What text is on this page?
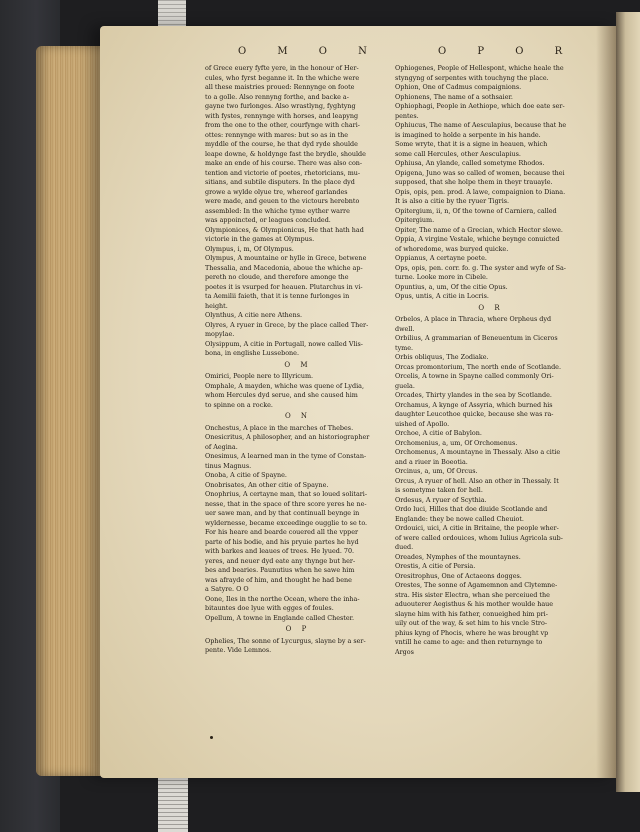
O M O N	O P O R
of Grece euery fyfte yere, in the honour of Her-
cules, who fyrst beganne it. In the whiche were
all these maistries proued: Rennynge on foote
to a golle. Also rennyng forthe, and backe a-
gayne two furlonges. Also wrastlyng, fyghtyng
with fystes, rennynge with horses, and leapyng
from the one to the other, courfynge with chari-
ottes: rennynge with mares: but so as in the
myddle of the course, he that dyd ryde shoulde
leape downe, & holdynge fast the brydle, shoulde
make an ende of his course. There was also con-
tention and victorie of poetes, rhetoricians, mu-
sitians, and subtile disputers. In the place dyd
growe a wylde olyue tre, whereof garlandes
were made, and geuen to the victours herebnto
assembled: In the whiche tyme eyther warre
was appoincted, or leagues concluded.
Olympionices, & Olympionicus, He that hath had
victorie in the games at Olympus.
Olympus, i, m, Of Olympus.
Olympus, A mountaine or hylle in Grece, betwene
Thessalia, and Macedonia, aboue the whiche ap-
pereth no cloude, and therefore amonge the
poetes it is vsurped for heauen. Plutarchus in vi-
ta Aemilii faieth, that it is tenne furlonges in
height.
Olynthus, A citie nere Athens.
Olyres, A ryuer in Grece, by the place called Ther-
mopylae.
Olysippum, A citie in Portugall, nowe called Vlis-
bona, in englishe Lussebone.
O M
Omirici, People nere to Illyricum.
Omphale, A mayden, whiche was quene of Lydia,
whom Hercules dyd serue, and she caused him
to spinne on a rocke.
O N
Onchestus, A place in the marches of Thebes.
Onesicritus, A philosopher, and an historiographer
of Aegina.
Onesimus, A learned man in the tyme of Constan-
tinus Magnus.
Onoba, A citie of Spayne.
Onobrisates, An other citie of Spayne.
Onophrius, A certayne man, that so loued solitari-
nesse, that in the space of thre score yeres he ne-
uer sawe man, and by that continuall beynge in
wyldernesse, became exceedinge ougglie to se to.
For his heare and bearde couered all the vpper
parte of his bodie, and his pryuie partes he hyd
with barkes and leaues of trees. He lyued. 70.
yeres, and neuer dyd eate any thynge but her-
bes and bearies. Paunutius when he sawe him
was afrayde of him, and thought he had bene
a Satyre. O O
Oone, Iles in the northe Ocean, where the inha-
bitauntes doe lyue with egges of foules.
Opellum, A towne in Englande called Chester.
O P
Ophelies, The sonne of Lycurgus, slayne by a ser-
pente. Vide Lemnos.
Ophiogenes, People of Hellespont, whiche heale the
styngyng of serpentes with touchyng the place.
Ophion, One of Cadmus compaignions.
Ophionens, The name of a sothsaier.
Ophiophagi, People in Aethiope, which doe eate ser-
pentes.
Ophiucus, The name of Aesculapius, because that he
is imagined to holde a serpente in his hande.
Some wryte, that it is a signe in heauen, which
some call Hercules, other Aesculapius.
Ophiusa, An ylande, called sometyme Rhodos.
Opigena, Juno was so called of women, because thei
supposed, that she holpe them in theyr trauayle.
Opis, opis, pen. prod. A lawe, compaignion to Diana.
It is also a citie by the ryuer Tigris.
Opitergium, ii, n, Of the towne of Carniera, called
Opitergium.
Opiter, The name of a Grecian, which Hector slewe.
Oppia, A virgine Vestale, whiche beynge conuicted
of whoredome, was buryed quicke.
Oppianus, A certayne poete.
Ops, opis, pen. corr. fo. g. The syster and wyfe of Sa-
turne. Looke more in Cibele.
Opuntius, a, um, Of the citie Opus.
Opus, untis, A citie in Locris.
O R
Orbelos, A place in Thracia, where Orpheus dyd
dwell.
Orbilius, A grammarian of Beneuentum in Ciceros
tyme.
Orbis obliquus, The Zodiake.
Orcas promontorium, The north ende of Scotlande.
Orcelis, A towne in Spayne called commonly Ori-
guela.
Orcades, Thirty ylandes in the sea by Scotlande.
Orchamus, A kynge of Assyria, which burned his
daughter Leucothoe quicke, because she was ra-
uished of Apollo.
Orchoe, A citie of Babylon.
Orchomenius, a, um, Of Orchomenus.
Orchomenus, A mountayne in Thessaly. Also a citie
and a riuer in Boeotia.
Orcinus, a, um, Of Orcus.
Orcus, A ryuer of hell. Also an other in Thessaly. It
is sometyme taken for hell.
Ordesus, A ryuer of Scythia.
Ordo luci, Hilles that doe diuide Scotlande and
Englande: they be nowe called Cheuiot.
Ordouici, uici, A citie in Britaine, the people wher-
of were called ordouices, whom Iulius Agricola sub-
dued.
Oreades, Nymphes of the mountaynes.
Orestis, A citie of Persia.
Oresitrophus, One of Actaeons dogges.
Orestes, The sonne of Agamemnon and Clytemne-
stra. His sister Electra, whan she perceiued the
aduouterer Aegisthus & his mother woulde haue
slayne him with his father, conueighed him pri-
uily out of the way, & set him to his vncle Stro-
phius kyng of Phocis, where he was brought vp
vntill he came to age: and then returnynge to
Argos
